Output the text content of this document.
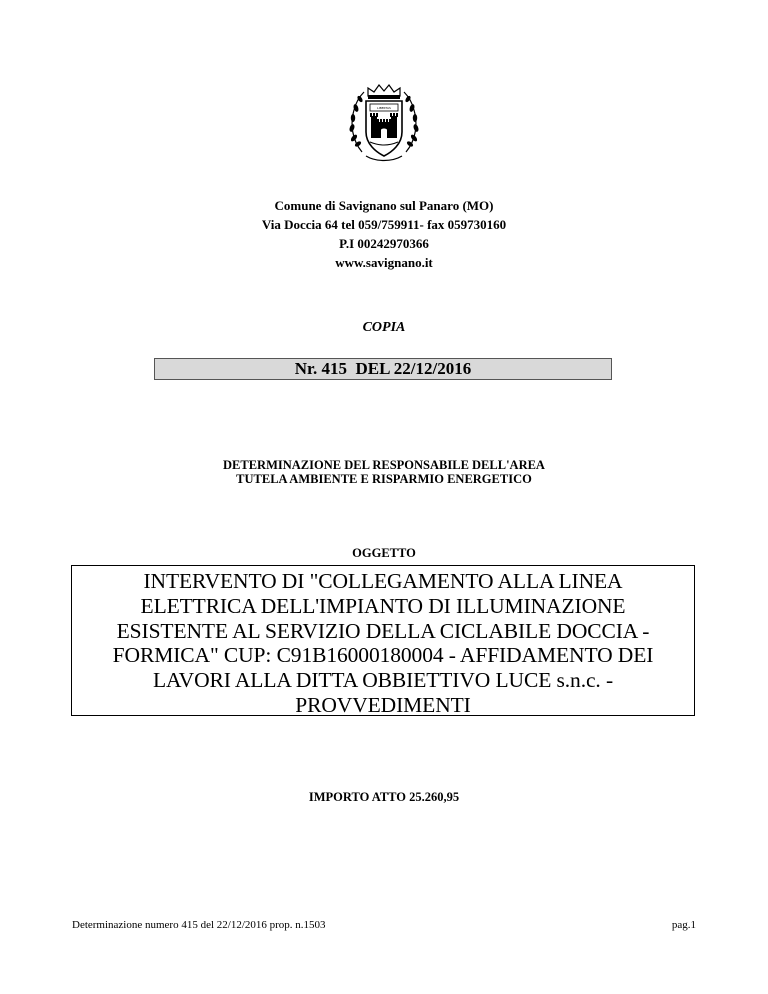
LIBERTAS
Comune di Savignano sul Panaro (MO)
Via Doccia 64 tel 059/759911- fax 059730160
P.I 00242970366
www.savignano.it
COPIA
Nr. 415  DEL 22/12/2016
DETERMINAZIONE DEL RESPONSABILE DELL'AREA
TUTELA AMBIENTE E RISPARMIO ENERGETICO
OGGETTO
INTERVENTO DI "COLLEGAMENTO ALLA LINEA
ELETTRICA DELL'IMPIANTO DI ILLUMINAZIONE
ESISTENTE AL SERVIZIO DELLA CICLABILE DOCCIA -
FORMICA" CUP: C91B16000180004 - AFFIDAMENTO DEI
LAVORI ALLA DITTA OBBIETTIVO LUCE s.n.c. -
PROVVEDIMENTI
IMPORTO ATTO 25.260,95
Determinazione numero 415 del 22/12/2016 prop. n.1503	pag.1
